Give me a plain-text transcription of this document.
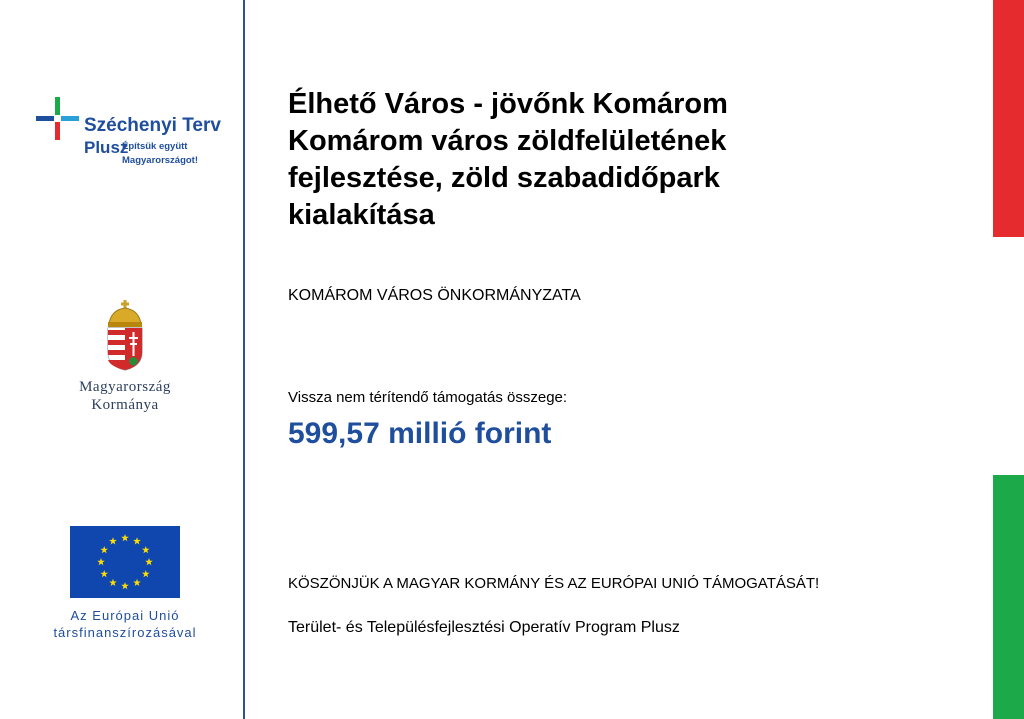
Széchenyi Terv
Plusz
Építsük együtt
Magyarországot!
Magyarország
Kormánya
Az Európai Unió
társfinanszírozásával
Élhető Város - jövőnk Komárom
Komárom város zöldfelületének
fejlesztése, zöld szabadidőpark
kialakítása
KOMÁROM VÁROS ÖNKORMÁNYZATA
Vissza nem térítendő támogatás összege:
599,57 millió forint
KÖSZÖNJÜK A MAGYAR KORMÁNY ÉS AZ EURÓPAI UNIÓ TÁMOGATÁSÁT!
Terület- és Településfejlesztési Operatív Program Plusz
